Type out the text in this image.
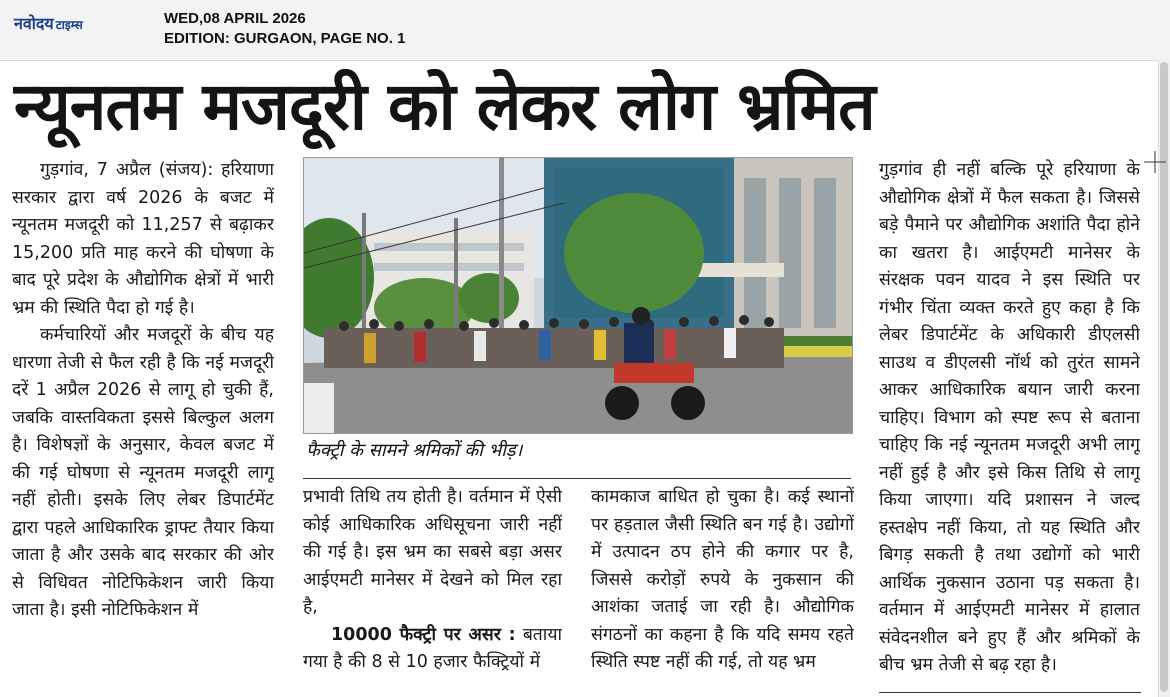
नवोदय टाइम्स	WED,08 APRIL 2026
EDITION: GURGAON, PAGE NO. 1
न्यूनतम मजदूरी को लेकर लोग भ्रमित

गुड़गांव, 7 अप्रैल (संजय): हरियाणा सरकार द्वारा वर्ष 2026 के बजट में न्यूनतम मजदूरी को 11,257 से बढ़ाकर 15,200 प्रति माह करने की घोषणा के बाद पूरे प्रदेश के औद्योगिक क्षेत्रों में भारी भ्रम की स्थिति पैदा हो गई है।

कर्मचारियों और मजदूरों के बीच यह धारणा तेजी से फैल रही है कि नई मजदूरी दरें 1 अप्रैल 2026 से लागू हो चुकी हैं, जबकि वास्तविकता इससे बिल्कुल अलग है। विशेषज्ञों के अनुसार, केवल बजट में की गई घोषणा से न्यूनतम मजदूरी लागू नहीं होती। इसके लिए लेबर डिपार्टमेंट द्वारा पहले आधिकारिक ड्राफ्ट तैयार किया जाता है और उसके बाद सरकार की ओर से विधिवत नोटिफिकेशन जारी किया जाता है। इसी नोटिफिकेशन में

फैक्ट्री के सामने श्रमिकों की भीड़।

प्रभावी तिथि तय होती है। वर्तमान में ऐसी कोई आधिकारिक अधिसूचना जारी नहीं की गई है। इस भ्रम का सबसे बड़ा असर आईएमटी मानेसर में देखने को मिल रहा है,

10000 फैक्ट्री पर असर : बताया गया है की 8 से 10 हजार फैक्ट्रियों में

कामकाज बाधित हो चुका है। कई स्थानों पर हड़ताल जैसी स्थिति बन गई है। उद्योगों में उत्पादन ठप होने की कगार पर है, जिससे करोड़ों रुपये के नुकसान की आशंका जताई जा रही है। औद्योगिक संगठनों का कहना है कि यदि समय रहते स्थिति स्पष्ट नहीं की गई, तो यह भ्रम

गुड़गांव ही नहीं बल्कि पूरे हरियाणा के औद्योगिक क्षेत्रों में फैल सकता है। जिससे बड़े पैमाने पर औद्योगिक अशांति पैदा होने का खतरा है। आईएमटी मानेसर के संरक्षक पवन यादव ने इस स्थिति पर गंभीर चिंता व्यक्त करते हुए कहा है कि लेबर डिपार्टमेंट के अधिकारी डीएलसी साउथ व डीएलसी नॉर्थ को तुरंत सामने आकर आधिकारिक बयान जारी करना चाहिए। विभाग को स्पष्ट रूप से बताना चाहिए कि नई न्यूनतम मजदूरी अभी लागू नहीं हुई है और इसे किस तिथि से लागू किया जाएगा। यदि प्रशासन ने जल्द हस्तक्षेप नहीं किया, तो यह स्थिति और बिगड़ सकती है तथा उद्योगों को भारी आर्थिक नुकसान उठाना पड़ सकता है। वर्तमान में आईएमटी मानेसर में हालात संवेदनशील बने हुए हैं और श्रमिकों के बीच भ्रम तेजी से बढ़ रहा है।
